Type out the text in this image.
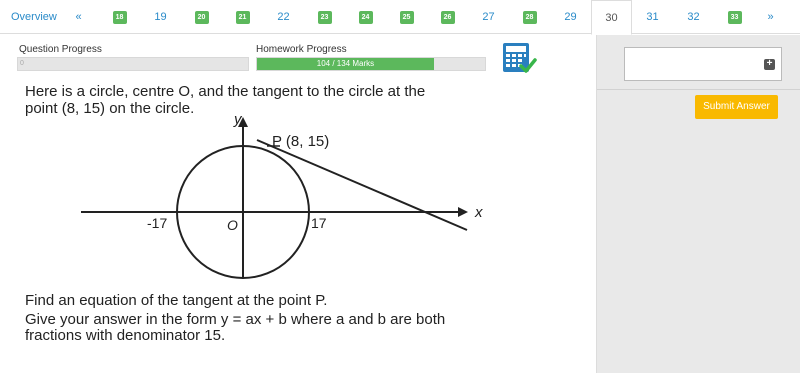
Overview	«	18	19	20	21	22	23	24	25	26	27	28	29	30	31	32	33	»
Question Progress
0
Homework Progress
104 / 134 Marks
Here is a circle, centre O, and the tangent to the circle at the
point (8, 15) on the circle.
x
y
O
-17	17
P (8, 15)
Find an equation of the tangent at the point P.
Give your answer in the form y = ax + b where a and b are both
fractions with denominator 15.
+
Submit Answer
